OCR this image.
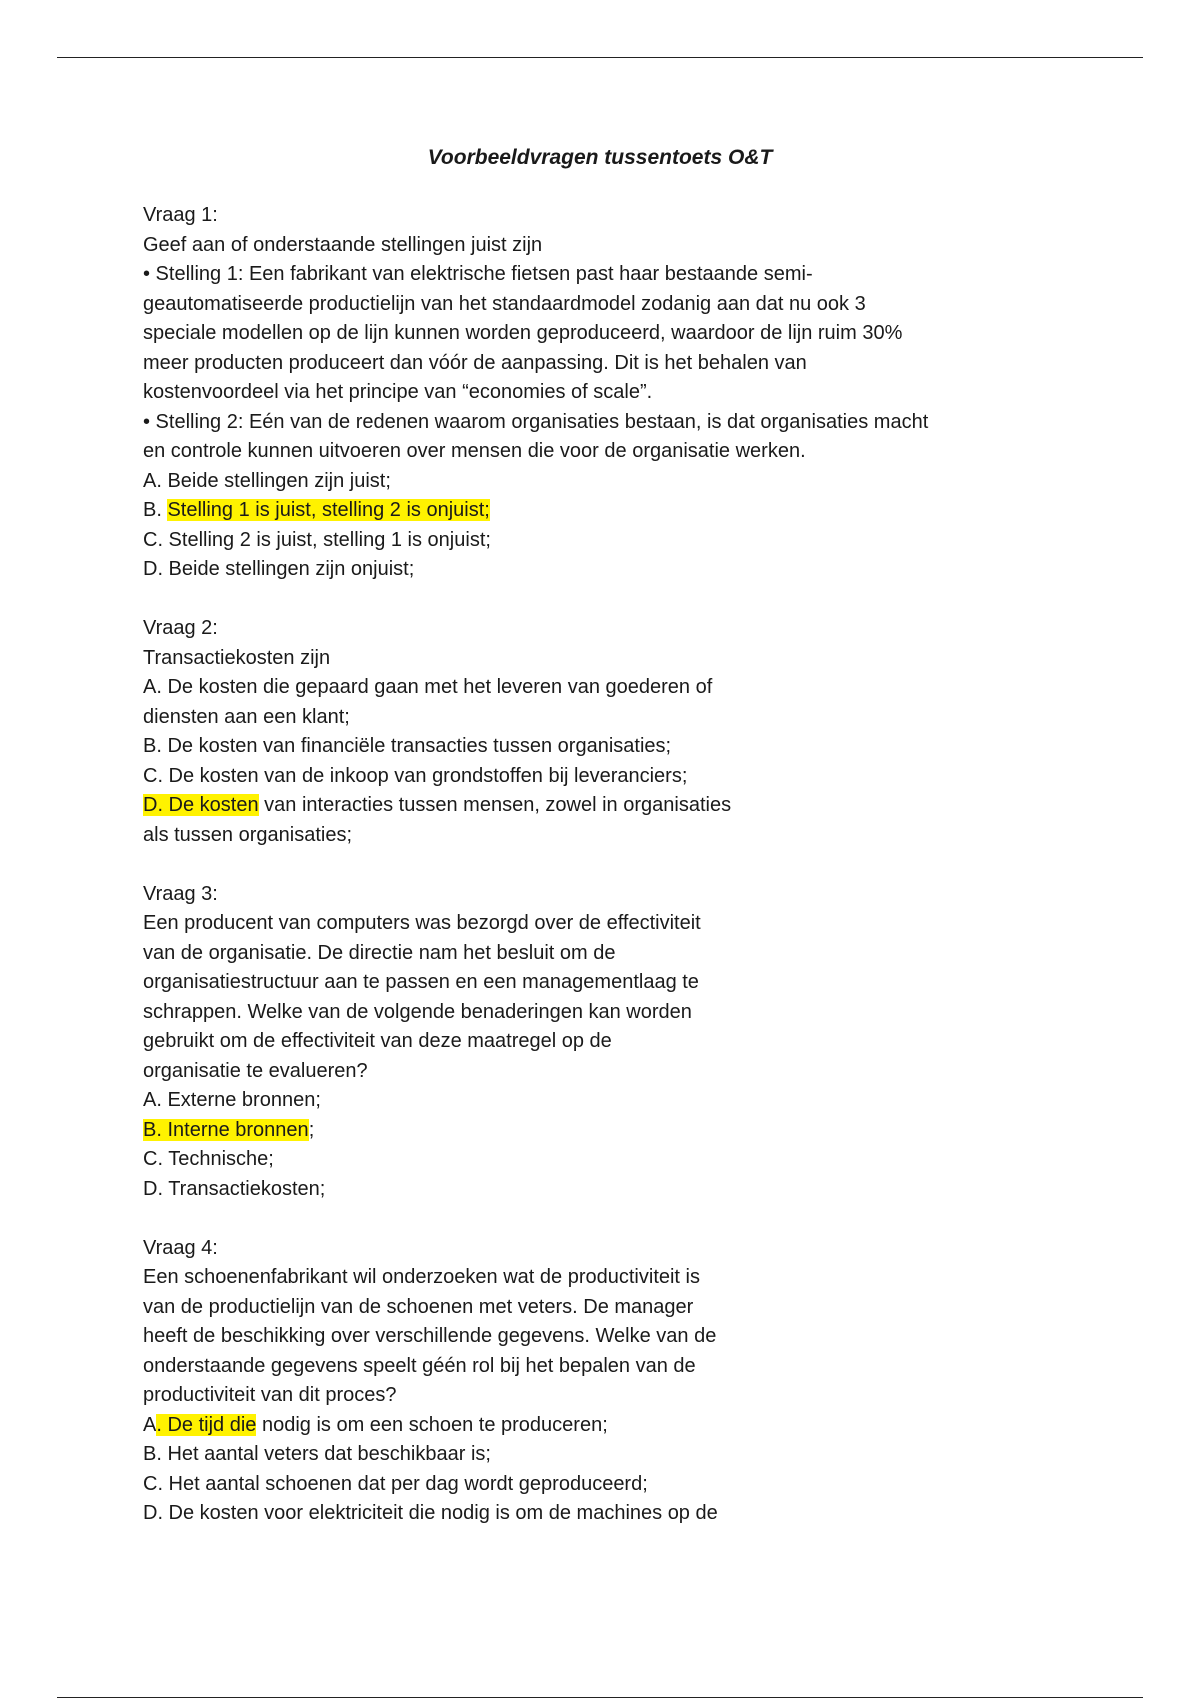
Voorbeeldvragen tussentoets O&T
Vraag 1:
Geef aan of onderstaande stellingen juist zijn
• Stelling 1: Een fabrikant van elektrische fietsen past haar bestaande semi-
geautomatiseerde productielijn van het standaardmodel zodanig aan dat nu ook 3
speciale modellen op de lijn kunnen worden geproduceerd, waardoor de lijn ruim 30%
meer producten produceert dan vóór de aanpassing. Dit is het behalen van
kostenvoordeel via het principe van “economies of scale”.
• Stelling 2: Eén van de redenen waarom organisaties bestaan, is dat organisaties macht
en controle kunnen uitvoeren over mensen die voor de organisatie werken.
A. Beide stellingen zijn juist;
B. Stelling 1 is juist, stelling 2 is onjuist;
C. Stelling 2 is juist, stelling 1 is onjuist;
D. Beide stellingen zijn onjuist;
Vraag 2:
Transactiekosten zijn
A. De kosten die gepaard gaan met het leveren van goederen of
diensten aan een klant;
B. De kosten van financiële transacties tussen organisaties;
C. De kosten van de inkoop van grondstoffen bij leveranciers;
D. De kosten van interacties tussen mensen, zowel in organisaties
als tussen organisaties;
Vraag 3:
Een producent van computers was bezorgd over de effectiviteit
van de organisatie. De directie nam het besluit om de
organisatiestructuur aan te passen en een managementlaag te
schrappen. Welke van de volgende benaderingen kan worden
gebruikt om de effectiviteit van deze maatregel op de
organisatie te evalueren?
A. Externe bronnen;
B. Interne bronnen;
C. Technische;
D. Transactiekosten;
Vraag 4:
Een schoenenfabrikant wil onderzoeken wat de productiviteit is
van de productielijn van de schoenen met veters. De manager
heeft de beschikking over verschillende gegevens. Welke van de
onderstaande gegevens speelt géén rol bij het bepalen van de
productiviteit van dit proces?
A. De tijd die nodig is om een schoen te produceren;
B. Het aantal veters dat beschikbaar is;
C. Het aantal schoenen dat per dag wordt geproduceerd;
D. De kosten voor elektriciteit die nodig is om de machines op de
